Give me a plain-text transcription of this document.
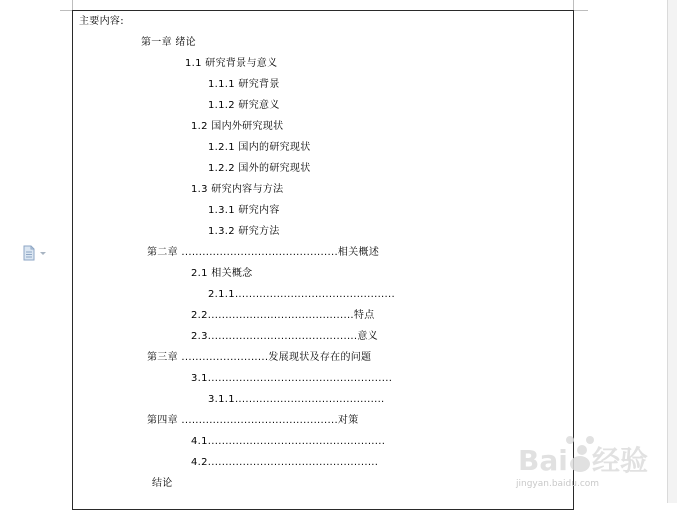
主要内容:
第一章 绪论
1.1 研究背景与意义
1.1.1 研究背景
1.1.2 研究意义
1.2 国内外研究现状
1.2.1 国内的研究现状
1.2.2 国外的研究现状
1.3 研究内容与方法
1.3.1 研究内容
1.3.2 研究方法
第二章 .............................................相关概述
2.1 相关概念
2.1.1..............................................
2.2..........................................特点
2.3...........................................意义
第三章 .........................发展现状及存在的问题
3.1.....................................................
3.1.1...........................................
第四章 .............................................对策
4.1...................................................
4.2.................................................
结论
Bai 经验
jingyan.baidu.com
